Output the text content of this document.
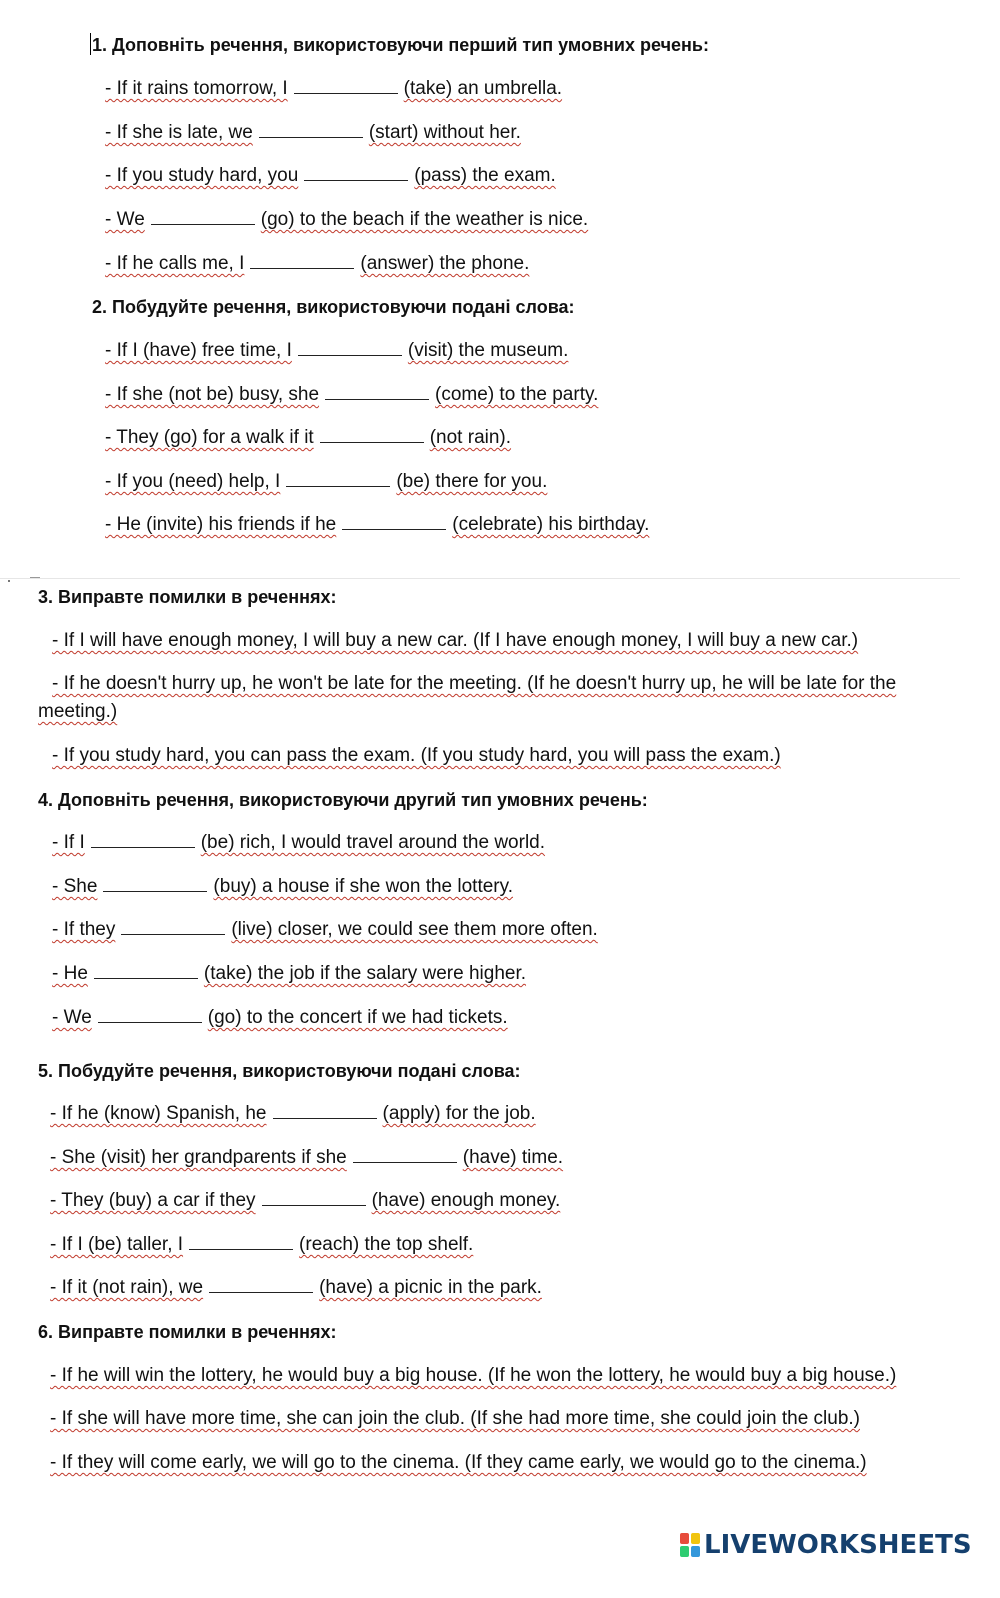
1. Доповніть речення, використовуючи перший тип умовних речень:
- If it rains tomorrow, I	(take) an umbrella.
- If she is late, we	(start) without her.
- If you study hard, you	(pass) the exam.
- We	(go) to the beach if the weather is nice.
- If he calls me, I	(answer) the phone.
2. Побудуйте речення, використовуючи подані слова:
- If I (have) free time, I	(visit) the museum.
- If she (not be) busy, she	(come) to the party.
- They (go) for a walk if it	(not rain).
- If you (need) help, I	(be) there for you.
- He (invite) his friends if he	(celebrate) his birthday.
3. Виправте помилки в реченнях:
- If I will have enough money, I will buy a new car. (If I have enough money, I will buy a new car.)
- If he doesn't hurry up, he won't be late for the meeting. (If he doesn't hurry up, he will be late for the meeting.)
- If you study hard, you can pass the exam. (If you study hard, you will pass the exam.)
4. Доповніть речення, використовуючи другий тип умовних речень:
- If I	(be) rich, I would travel around the world.
- She	(buy) a house if she won the lottery.
- If they	(live) closer, we could see them more often.
- He	(take) the job if the salary were higher.
- We	(go) to the concert if we had tickets.
5. Побудуйте речення, використовуючи подані слова:
- If he (know) Spanish, he	(apply) for the job.
- She (visit) her grandparents if she	(have) time.
- They (buy) a car if they	(have) enough money.
- If I (be) taller, I	(reach) the top shelf.
- If it (not rain), we	(have) a picnic in the park.
6. Виправте помилки в реченнях:
- If he will win the lottery, he would buy a big house. (If he won the lottery, he would buy a big house.)
- If she will have more time, she can join the club. (If she had more time, she could join the club.)
- If they will come early, we will go to the cinema. (If they came early, we would go to the cinema.)
LIVEWORKSHEETS
